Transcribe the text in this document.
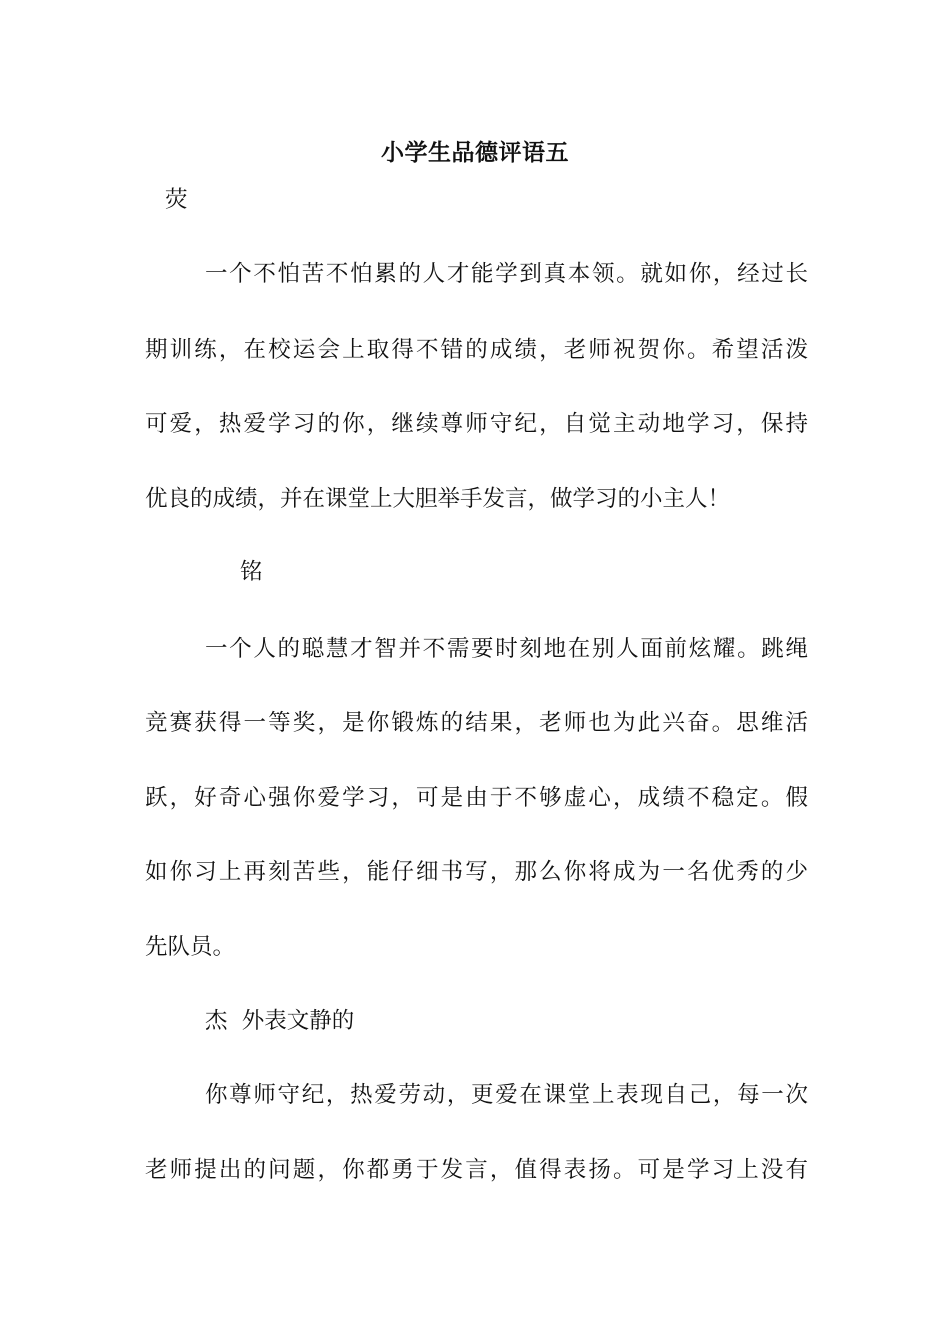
小学生品德评语五
荧
一个不怕苦不怕累的人才能学到真本领。就如你，经过长
期训练，在校运会上取得不错的成绩，老师祝贺你。希望活泼
可爱，热爱学习的你，继续尊师守纪，自觉主动地学习，保持
优良的成绩，并在课堂上大胆举手发言，做学习的小主人！
铭
一个人的聪慧才智并不需要时刻地在别人面前炫耀。跳绳
竞赛获得一等奖，是你锻炼的结果，老师也为此兴奋。思维活
跃，好奇心强你爱学习，可是由于不够虚心，成绩不稳定。假
如你习上再刻苦些，能仔细书写，那么你将成为一名优秀的少
先队员。
杰  外表文静的
你尊师守纪，热爱劳动，更爱在课堂上表现自己，每一次
老师提出的问题，你都勇于发言，值得表扬。可是学习上没有
